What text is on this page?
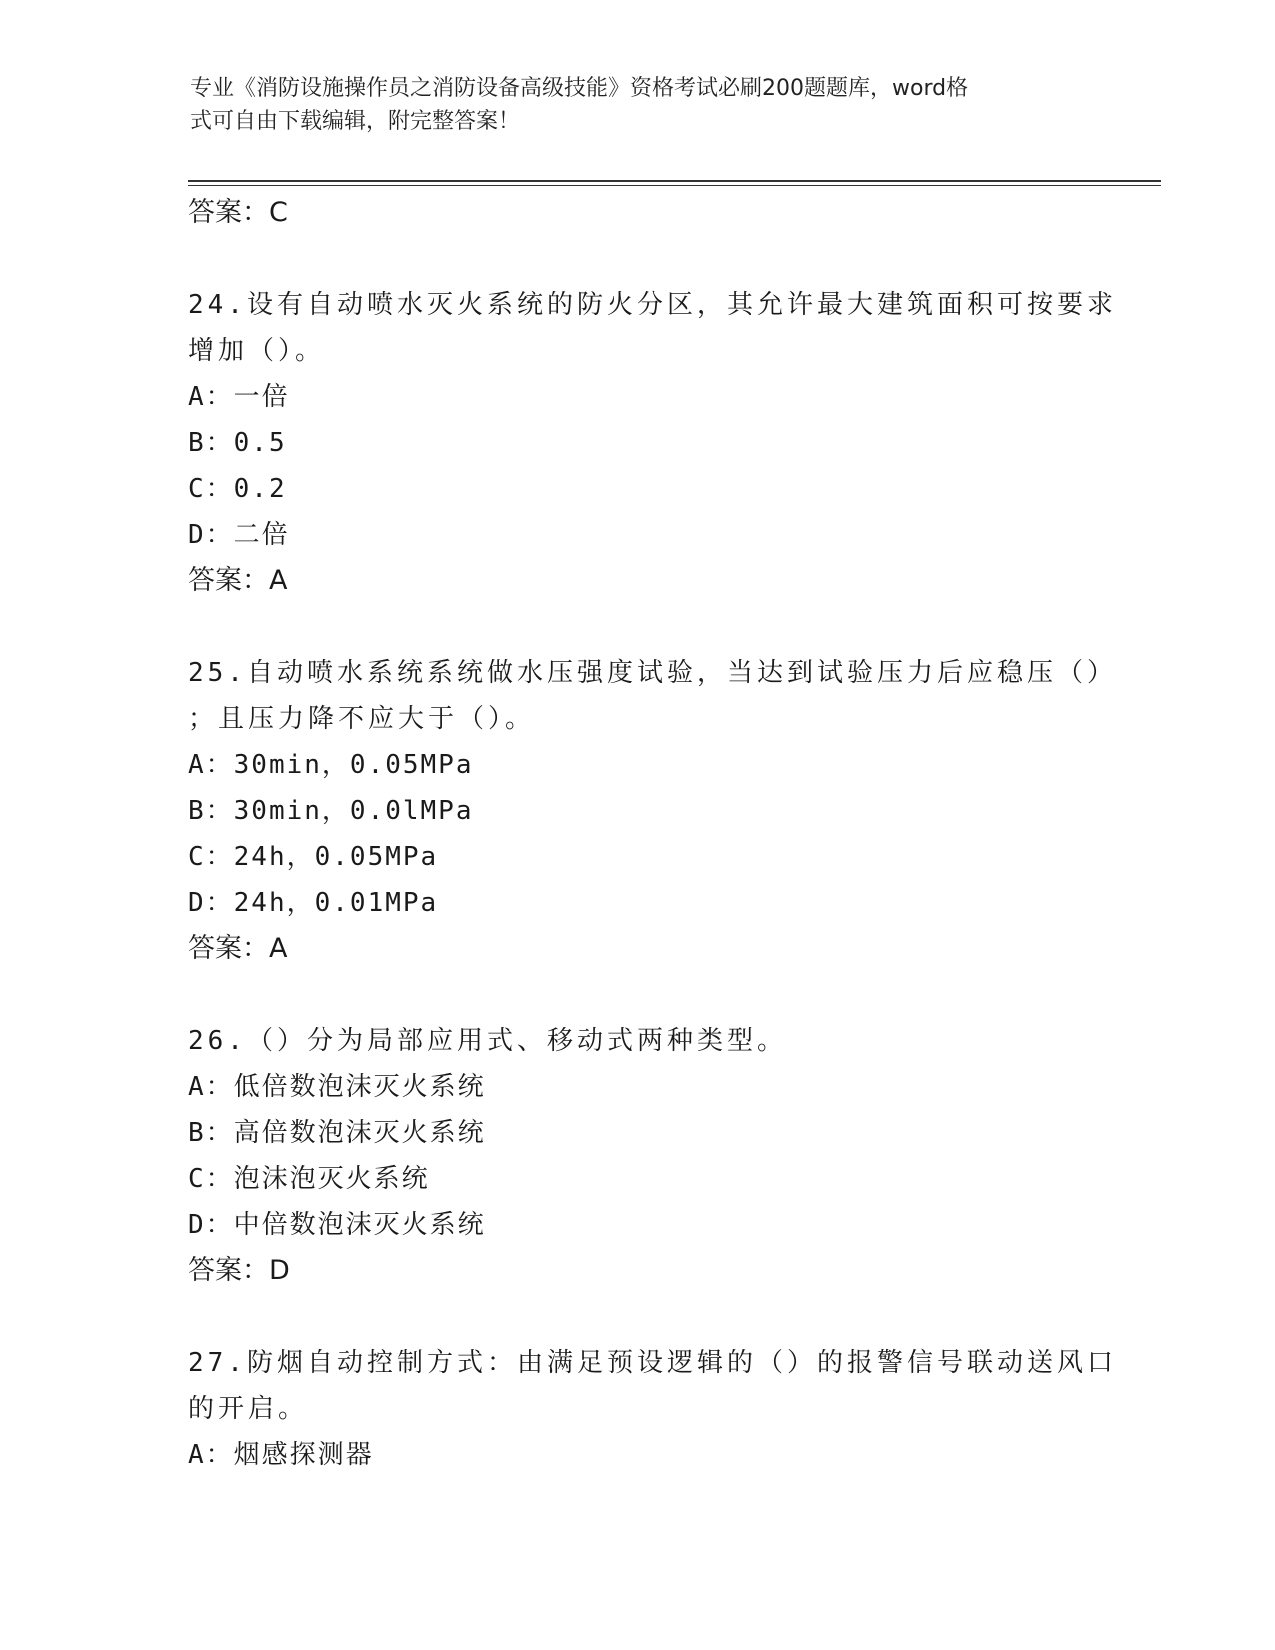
专业《消防设施操作员之消防设备高级技能》资格考试必刷200题题库，word格
式可自由下载编辑，附完整答案！
答案：C
24.设有自动喷水灭火系统的防火分区，其允许最大建筑面积可按要求
增加（）。
A：一倍
B：0.5
C：0.2
D：二倍
答案：A
25.自动喷水系统系统做水压强度试验，当达到试验压力后应稳压（）
；且压力降不应大于（）。
A：30min，0.05MPa
B：30min，0.0lMPa
C：24h，0.05MPa
D：24h，0.01MPa
答案：A
26.（）分为局部应用式、移动式两种类型。
A：低倍数泡沫灭火系统
B：高倍数泡沫灭火系统
C：泡沫泡灭火系统
D：中倍数泡沫灭火系统
答案：D
27.防烟自动控制方式：由满足预设逻辑的（）的报警信号联动送风口
的开启。
A：烟感探测器
